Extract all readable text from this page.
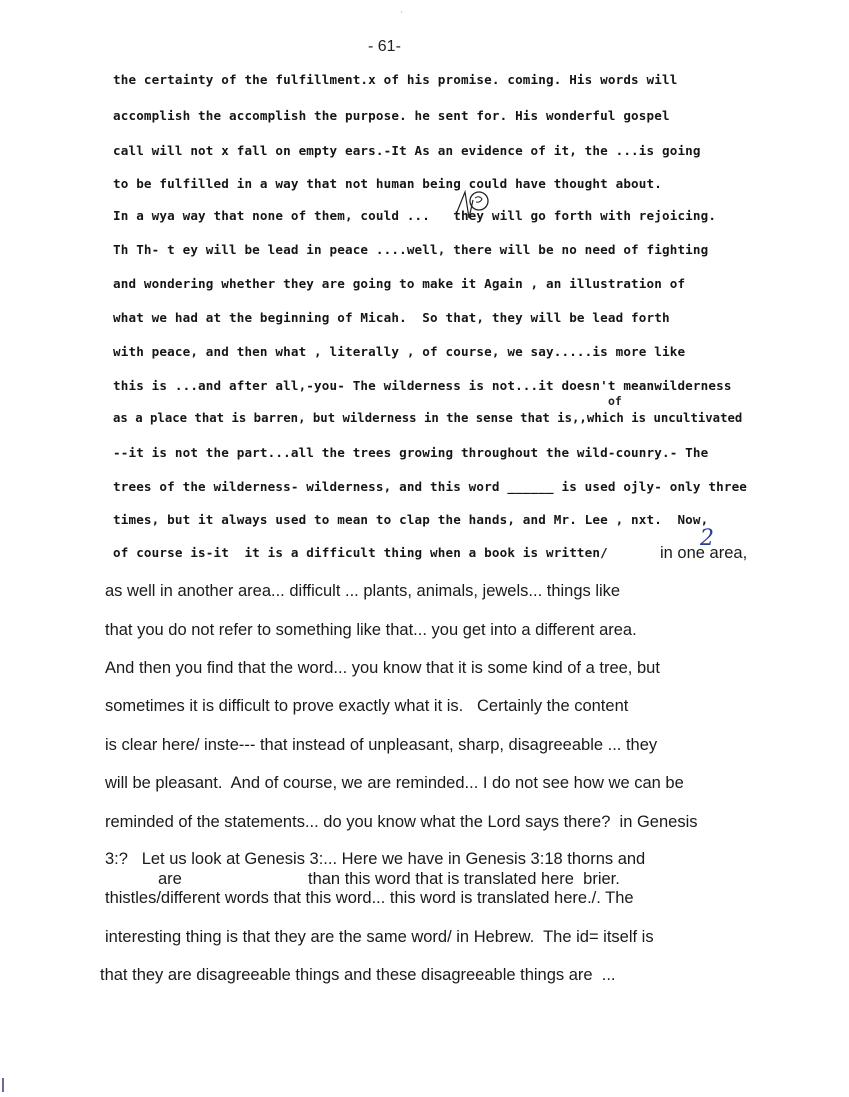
·
- 61-
the certainty of the fulfillment.x of his promise. coming. His words will
accomplish the accomplish the purpose. he sent for. His wonderful gospel
call will not x fall on empty ears.-It As an evidence of it, the ...is going
to be fulfilled in a way that not human being could have thought about.
In a wya way that none of them, could ...   they will go forth with rejoicing.
Th Th- t ey will be lead in peace ....well, there will be no need of fighting
and wondering whether they are going to make it Again , an illustration of
what we had at the beginning of Micah.  So that, they will be lead forth
with peace, and then what , literally , of course, we say.....is more like
this is ...and after all,-you- The wilderness is not...it doesn't meanwilderness
of
as a place that is barren, but wilderness in the sense that is,,which is uncultivated
--it is not the part...all the trees growing throughout the wild-counry.- The
trees of the wilderness- wilderness, and this word ______ is used ojly- only three
times, but it always used to mean to clap the hands, and Mr. Lee , nxt.  Now,
of course is-it  it is a difficult thing when a book is written/	in one area,
2
as well in another area... difficult ... plants, animals, jewels... things like
that you do not refer to something like that... you get into a different area.
And then you find that the word... you know that it is some kind of a tree, but
sometimes it is difficult to prove exactly what it is.   Certainly the content
is clear here/ inste--- that instead of unpleasant, sharp, disagreeable ... they
will be pleasant.  And of course, we are reminded... I do not see how we can be
reminded of the statements... do you know what the Lord says there?  in Genesis
3:?   Let us look at Genesis 3:... Here we have in Genesis 3:18 thorns and
are	than this word that is translated here  brier.
thistles/different words that this word... this word is translated here./. The
interesting thing is that they are the same word/ in Hebrew.  The id= itself is
that they are disagreeable things and these disagreeable things are  ...
